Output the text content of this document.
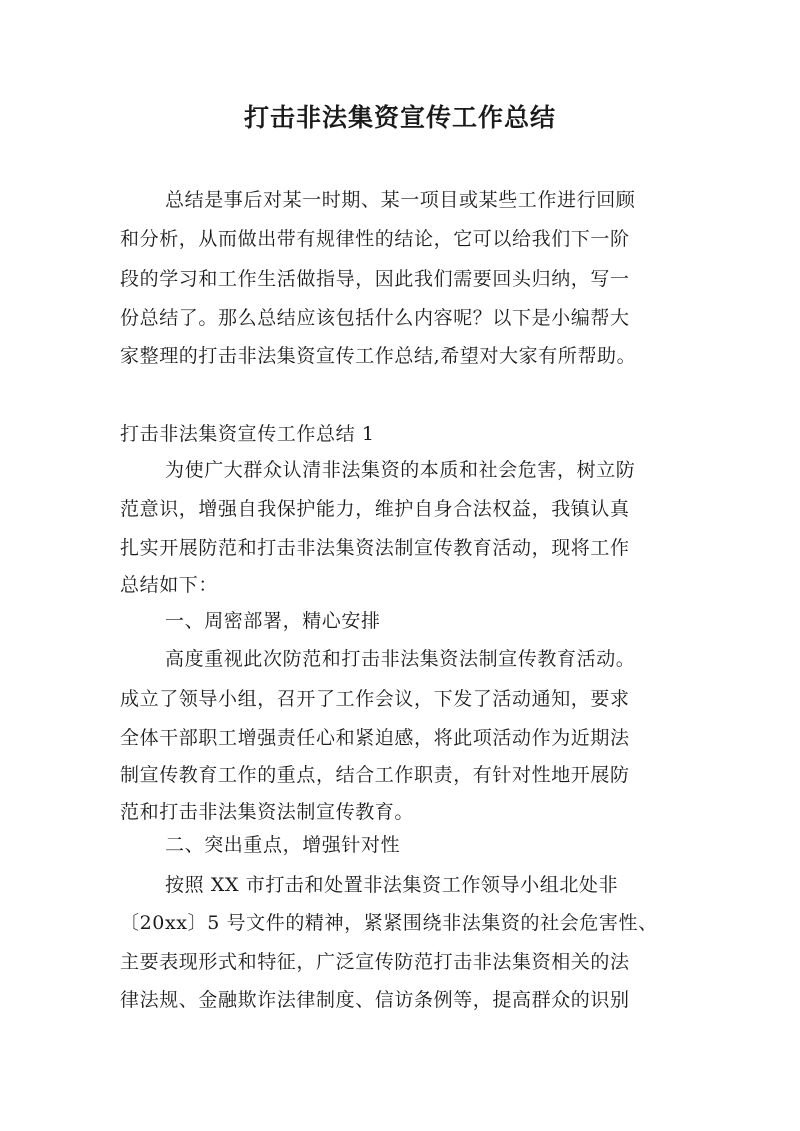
打击非法集资宣传工作总结
总结是事后对某一时期、某一项目或某些工作进行回顾
和分析，从而做出带有规律性的结论，它可以给我们下一阶
段的学习和工作生活做指导，因此我们需要回头归纳，写一
份总结了。那么总结应该包括什么内容呢？以下是小编帮大
家整理的打击非法集资宣传工作总结,希望对大家有所帮助。
打击非法集资宣传工作总结 1
为使广大群众认清非法集资的本质和社会危害，树立防
范意识，增强自我保护能力，维护自身合法权益，我镇认真
扎实开展防范和打击非法集资法制宣传教育活动，现将工作
总结如下：
一、周密部署，精心安排
高度重视此次防范和打击非法集资法制宣传教育活动。
成立了领导小组，召开了工作会议，下发了活动通知，要求
全体干部职工增强责任心和紧迫感，将此项活动作为近期法
制宣传教育工作的重点，结合工作职责，有针对性地开展防
范和打击非法集资法制宣传教育。
二、突出重点，增强针对性
按照 XX 市打击和处置非法集资工作领导小组北处非
〔20xx〕5 号文件的精神，紧紧围绕非法集资的社会危害性、
主要表现形式和特征，广泛宣传防范打击非法集资相关的法
律法规、金融欺诈法律制度、信访条例等，提高群众的识别
